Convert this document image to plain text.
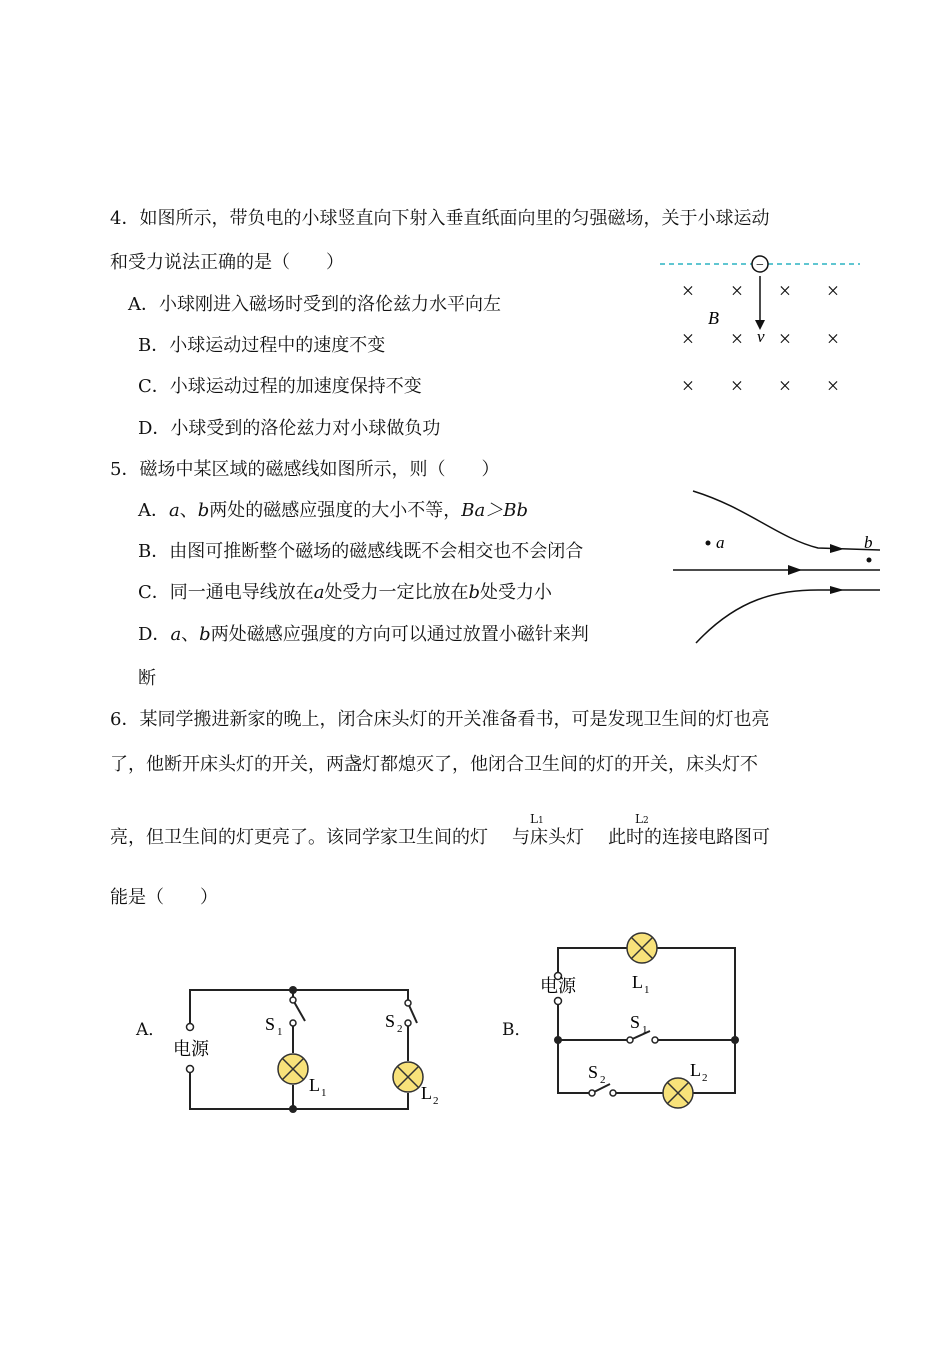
4．如图所示，带负电的小球竖直向下射入垂直纸面向里的匀强磁场，关于小球运动
和受力说法正确的是（　　）
A．小球刚进入磁场时受到的洛伦兹力水平向左
B．小球运动过程中的速度不变
C．小球运动过程的加速度保持不变
D．小球受到的洛伦兹力对小球做负功
−
× × × ×
× × × ×
× × × ×
B
v
5．磁场中某区域的磁感线如图所示，则（　　）
A．a、b两处的磁感应强度的大小不等，Ba＞Bb
B．由图可推断整个磁场的磁感线既不会相交也不会闭合
C．同一通电导线放在a处受力一定比放在b处受力小
D．a、b两处磁感应强度的方向可以通过放置小磁针来判
断
a	b
6．某同学搬进新家的晚上，闭合床头灯的开关准备看书，可是发现卫生间的灯也亮
了，他断开床头灯的开关，两盏灯都熄灭了，他闭合卫生间的灯的开关，床头灯不
亮，但卫生间的灯更亮了。该同学家卫生间的灯 与床头灯 此时的连接电路图可
L1	L2
能是（　　）
A．
电源
S 1
S 2
L 1	L 2
B．
电源	L 1
S 1
S 2	L 2
